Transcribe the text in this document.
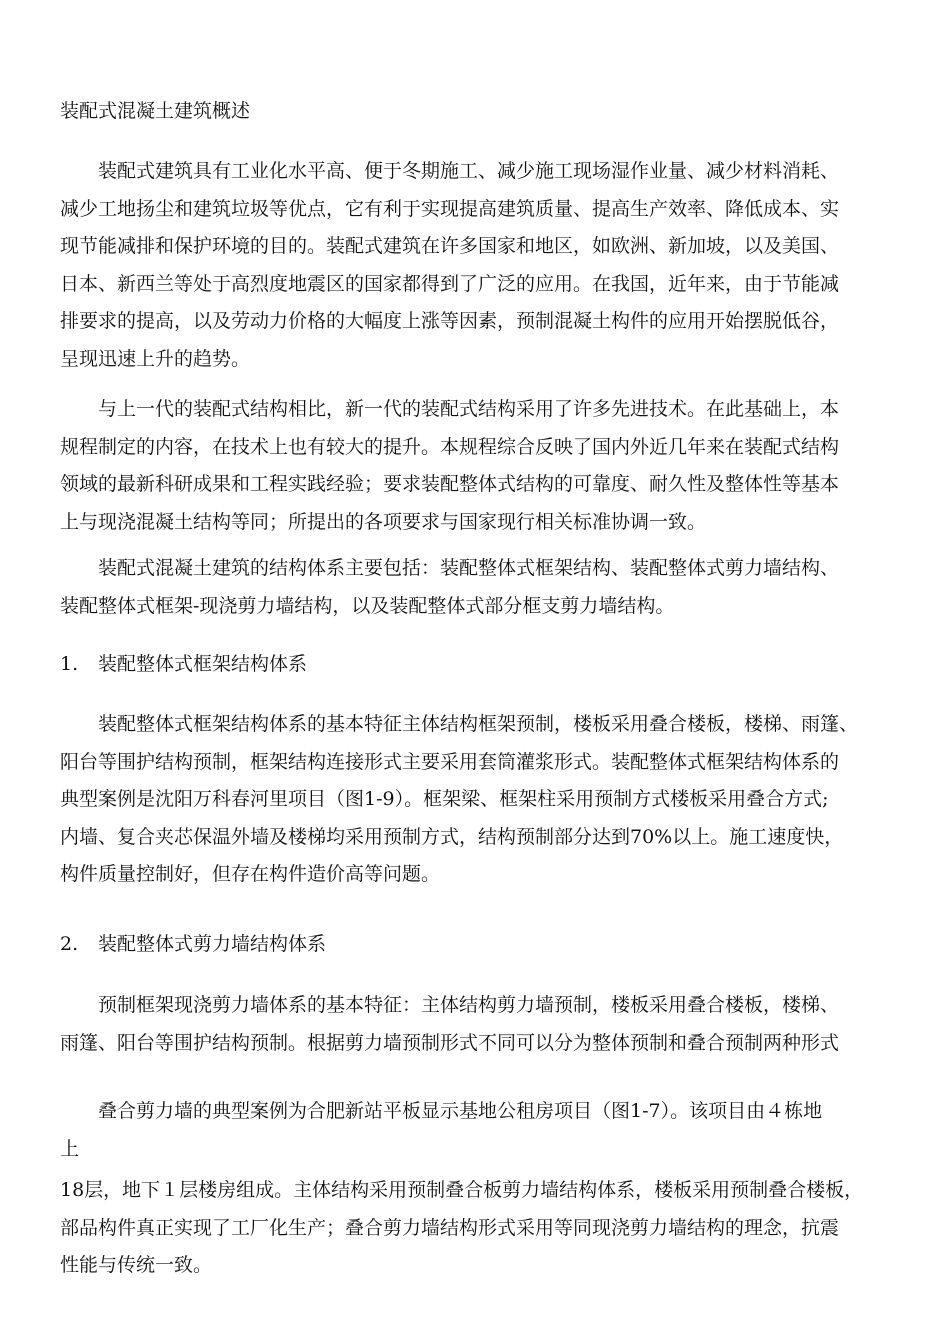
装配式混凝土建筑概述

装配式建筑具有工业化水平高、便于冬期施工、减少施工现场湿作业量、减少材料消耗、
减少工地扬尘和建筑垃圾等优点，它有利于实现提高建筑质量、提高生产效率、降低成本、实
现节能减排和保护环境的目的。装配式建筑在许多国家和地区，如欧洲、新加坡，以及美国、
日本、新西兰等处于高烈度地震区的国家都得到了广泛的应用。在我国，近年来，由于节能减
排要求的提高，以及劳动力价格的大幅度上涨等因素，预制混凝土构件的应用开始摆脱低谷，
呈现迅速上升的趋势。

与上一代的装配式结构相比，新一代的装配式结构采用了许多先进技术。在此基础上，本
规程制定的内容，在技术上也有较大的提升。本规程综合反映了国内外近几年来在装配式结构
领域的最新科研成果和工程实践经验；要求装配整体式结构的可靠度、耐久性及整体性等基本
上与现浇混凝土结构等同；所提出的各项要求与国家现行相关标准协调一致。

装配式混凝土建筑的结构体系主要包括：装配整体式框架结构、装配整体式剪力墙结构、
装配整体式框架-现浇剪力墙结构，以及装配整体式部分框支剪力墙结构。

1. 装配整体式框架结构体系

装配整体式框架结构体系的基本特征主体结构框架预制，楼板采用叠合楼板，楼梯、雨篷、
阳台等围护结构预制，框架结构连接形式主要采用套筒灌浆形式。装配整体式框架结构体系的
典型案例是沈阳万科春河里项目（图1-9）。框架梁、框架柱采用预制方式楼板采用叠合方式;
内墙、复合夹芯保温外墙及楼梯均采用预制方式，结构预制部分达到70%以上。施工速度快，
构件质量控制好，但存在构件造价高等问题。

2. 装配整体式剪力墙结构体系

预制框架现浇剪力墙体系的基本特征：主体结构剪力墙预制，楼板采用叠合楼板，楼梯、
雨篷、阳台等围护结构预制。根据剪力墙预制形式不同可以分为整体预制和叠合预制两种形式

叠合剪力墙的典型案例为合肥新站平板显示基地公租房项目（图1-7）。该项目由４栋地
上

18层，地下１层楼房组成。主体结构采用预制叠合板剪力墙结构体系，楼板采用预制叠合楼板，
部品构件真正实现了工厂化生产；叠合剪力墙结构形式采用等同现浇剪力墙结构的理念，抗震
性能与传统一致。
